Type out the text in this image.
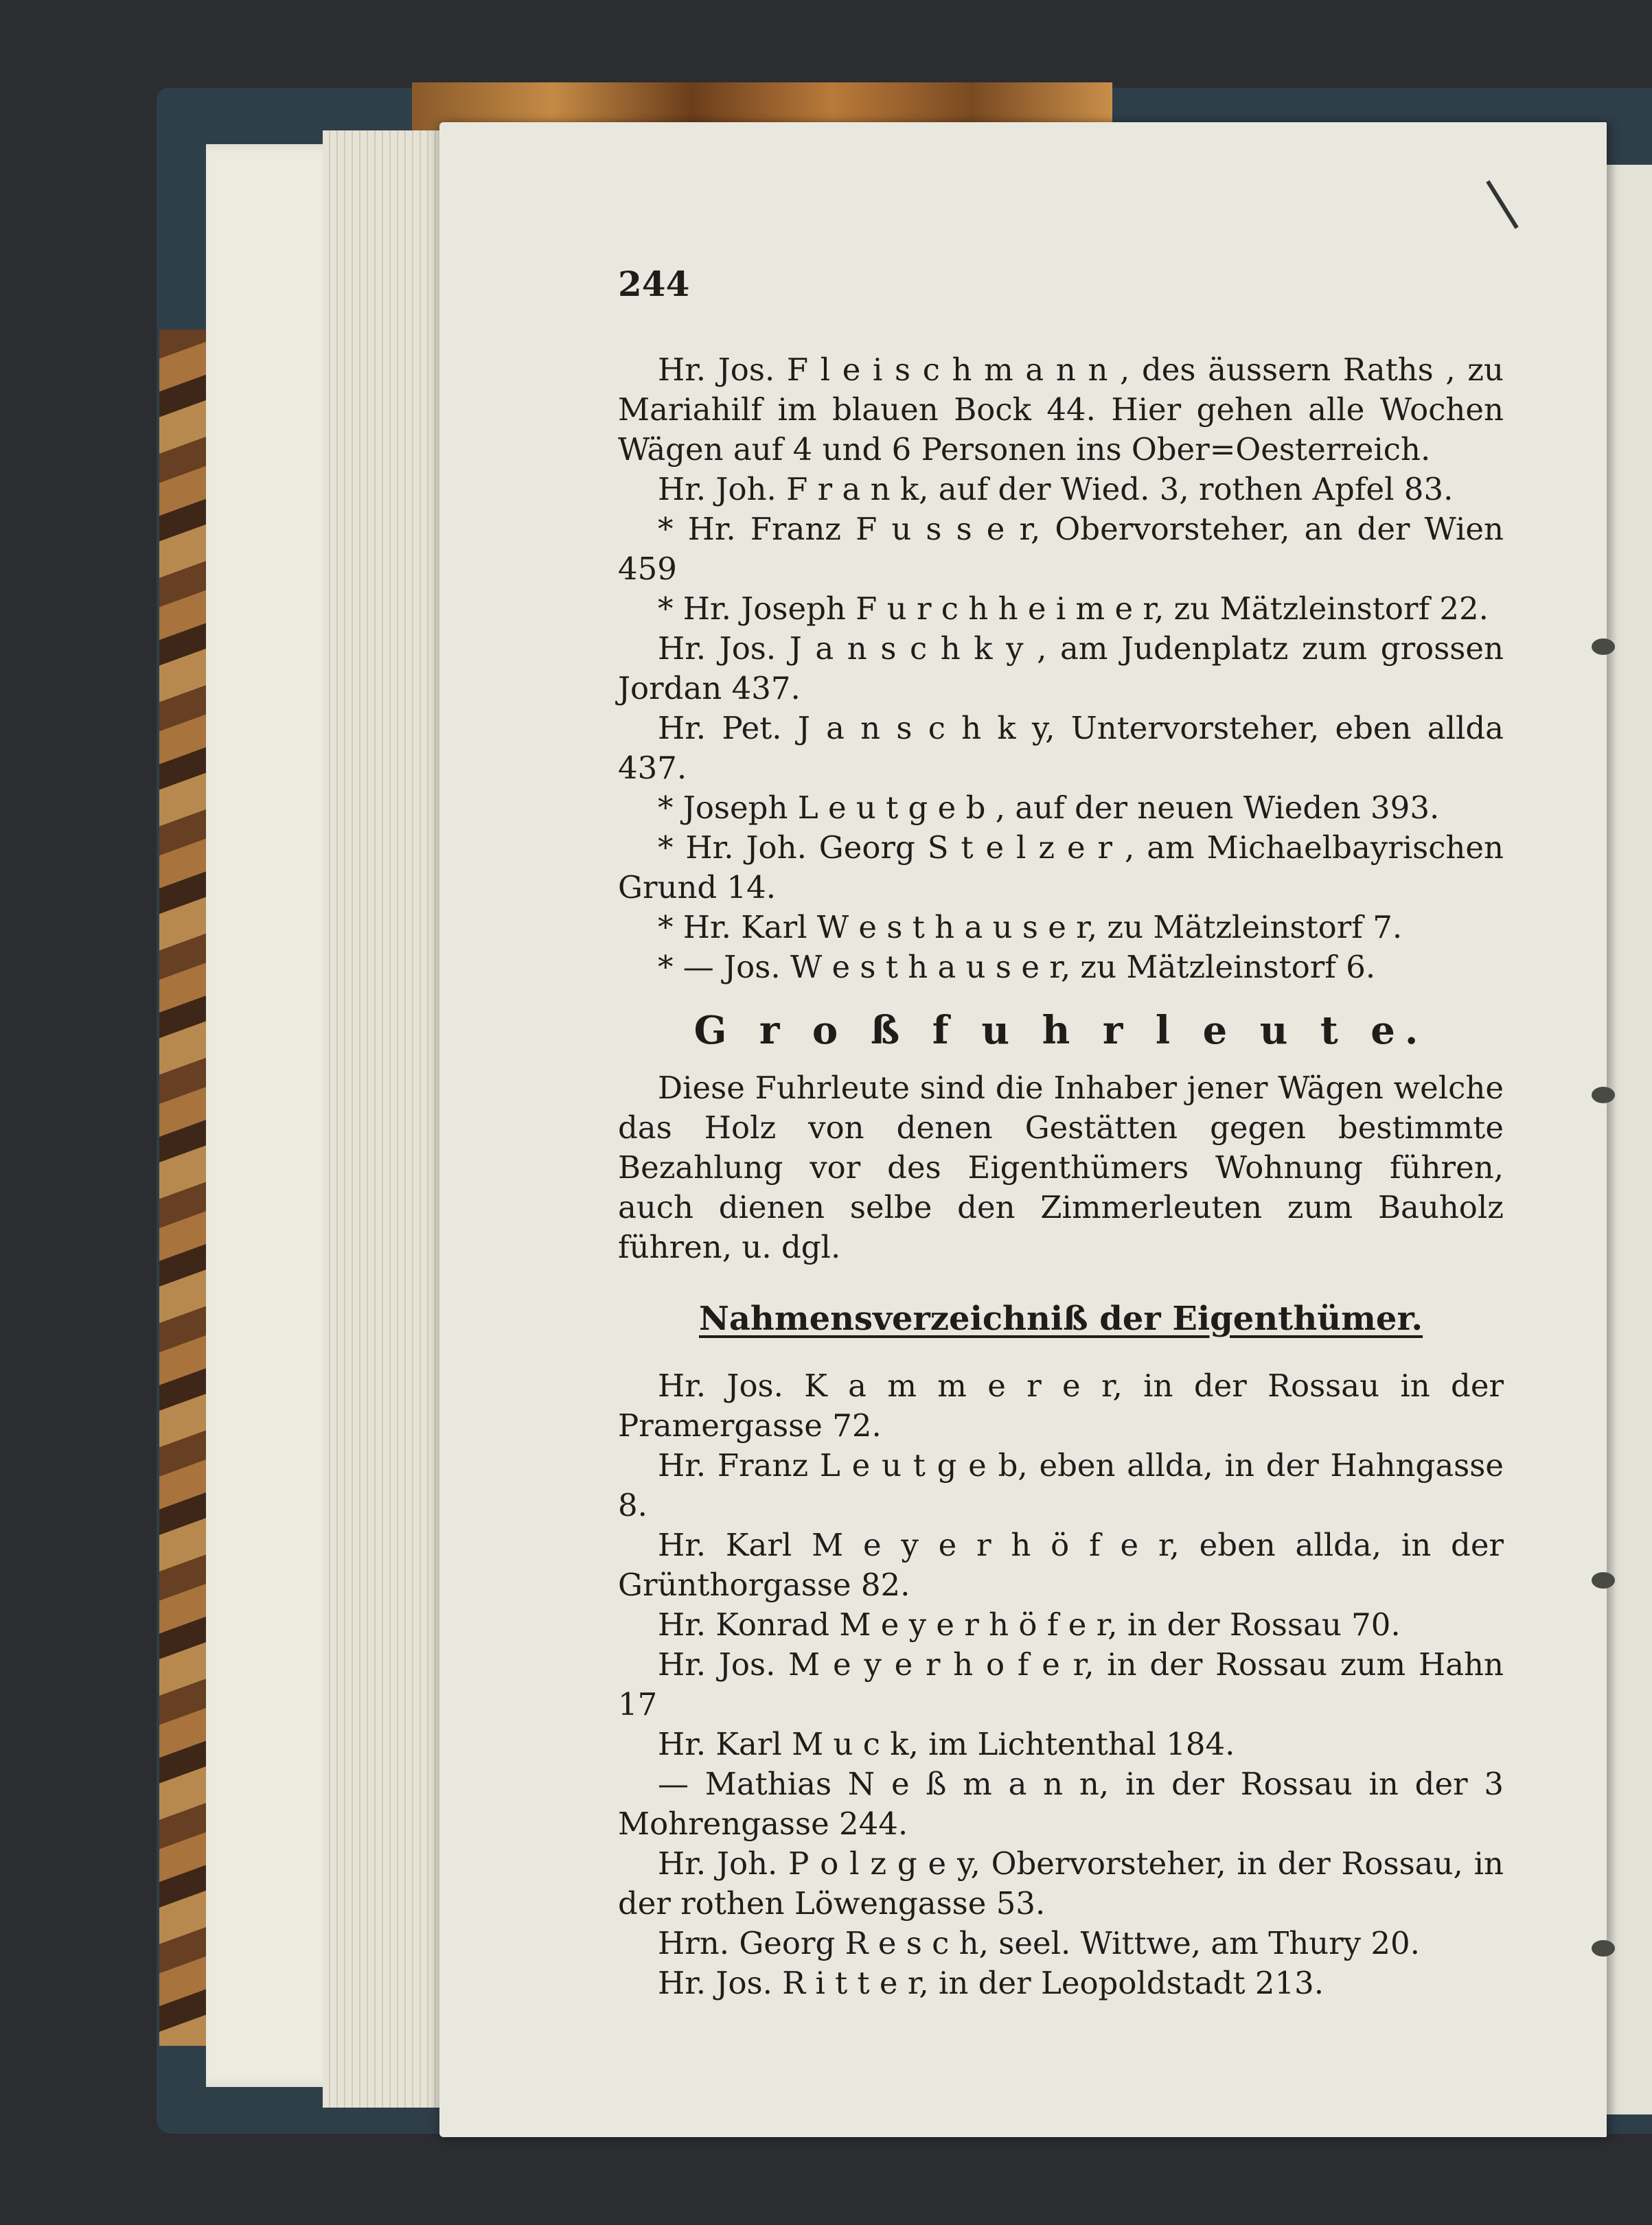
244

Hr. Jos. F l e i s c h m a n n , des äussern Raths , zu Mariahilf im blauen Bock 44. Hier gehen alle Wochen Wägen auf 4 und 6 Personen ins Ober=Oesterreich.

Hr. Joh. F r a n k, auf der Wied. 3, rothen Apfel 83.

* Hr. Franz F u s s e r, Obervorsteher, an der Wien 459

* Hr. Joseph F u r c h h e i m e r, zu Mätzleinstorf 22.

Hr. Jos. J a n s c h k y , am Judenplatz zum grossen Jordan 437.

Hr. Pet. J a n s c h k y, Untervorsteher, eben allda 437.

* Joseph L e u t g e b , auf der neuen Wieden 393.

* Hr. Joh. Georg S t e l z e r , am Michaelbayrischen Grund 14.

* Hr. Karl W e s t h a u s e r, zu Mätzleinstorf 7.

* — Jos. W e s t h a u s e r, zu Mätzleinstorf 6.

G r o ß f u h r l e u t e.

Diese Fuhrleute sind die Inhaber jener Wägen welche das Holz von denen Gestätten gegen bestimmte Bezahlung vor des Eigenthümers Wohnung führen, auch dienen selbe den Zimmerleuten zum Bauholz führen, u. dgl.

Nahmensverzeichniß der Eigenthümer.

Hr. Jos. K a m m e r e r, in der Rossau in der Pramergasse 72.

Hr. Franz L e u t g e b, eben allda, in der Hahngasse 8.

Hr. Karl M e y e r h ö f e r, eben allda, in der Grünthorgasse 82.

Hr. Konrad M e y e r h ö f e r, in der Rossau 70.

Hr. Jos. M e y e r h o f e r, in der Rossau zum Hahn 17

Hr. Karl M u c k, im Lichtenthal 184.

— Mathias N e ß m a n n, in der Rossau in der 3 Mohrengasse 244.

Hr. Joh. P o l z g e y, Obervorsteher, in der Rossau, in der rothen Löwengasse 53.

Hrn. Georg R e s c h, seel. Wittwe, am Thury 20.

Hr. Jos. R i t t e r, in der Leopoldstadt 213.
